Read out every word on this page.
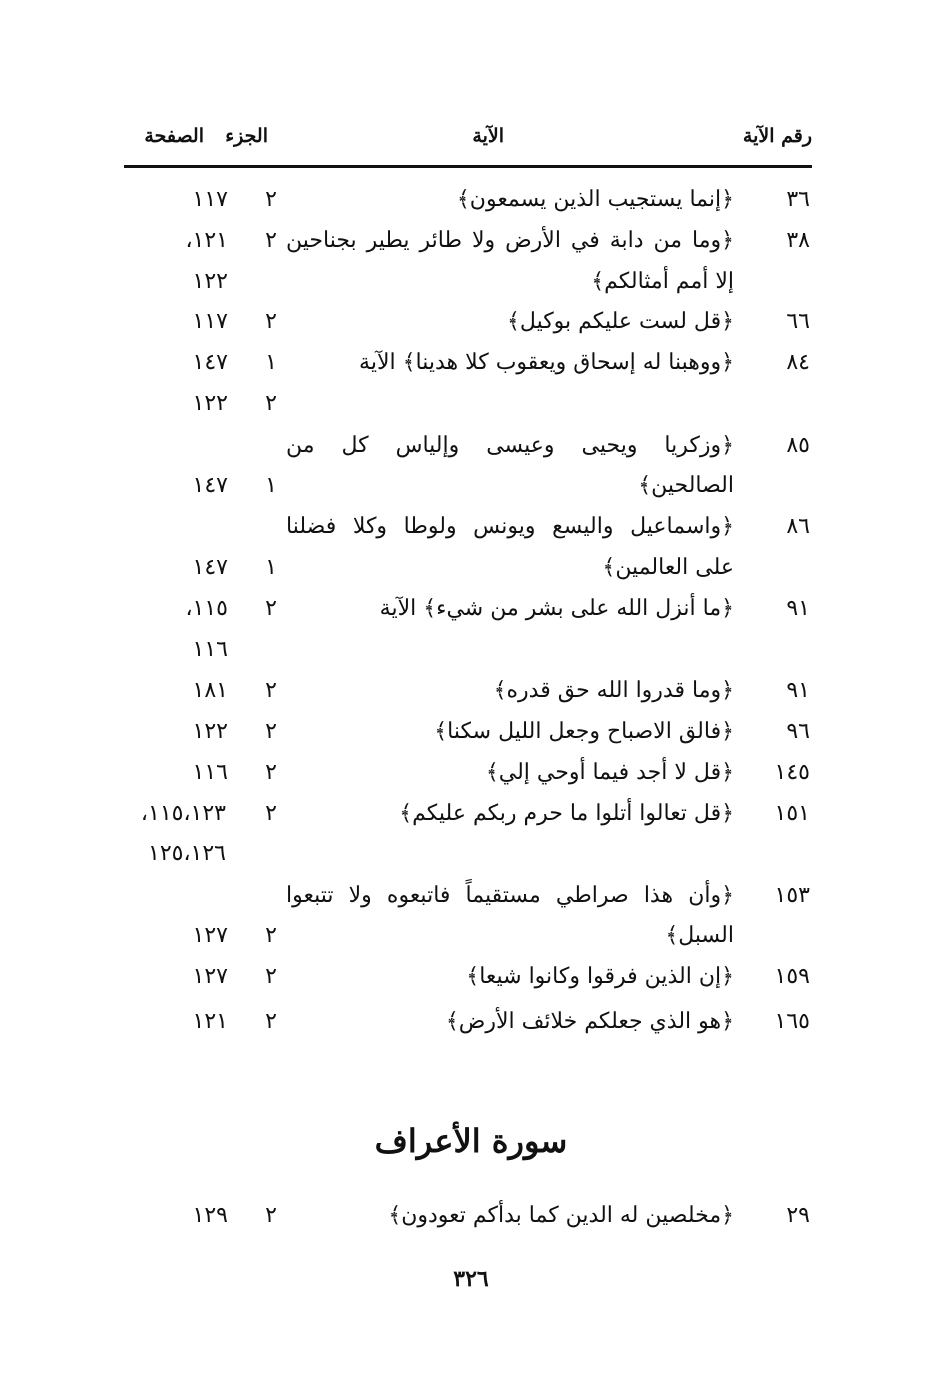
رقم الآية
الآية
الجزء
الصفحة
٣٦
﴿إنما يستجيب الذين يسمعون﴾
٢
١١٧
٣٨
﴿وما من دابة في الأرض ولا طائر يطير بجناحين
٢
١٢١،
إلا أمم أمثالكم﴾
١٢٢
٦٦
﴿قل لست عليكم بوكيل﴾
٢
١١٧
٨٤
﴿ووهبنا له إسحاق ويعقوب كلا هدينا﴾ الآية
١
١٤٧
٢
١٢٢
٨٥
﴿وزكريا ويحيى وعيسى وإلياس كل من
الصالحين﴾
١
١٤٧
٨٦
﴿واسماعيل واليسع ويونس ولوطا وكلا فضلنا
على العالمين﴾
١
١٤٧
٩١
﴿ما أنزل الله على بشر من شيء﴾ الآية
٢
١١٥،
١١٦
٩١
﴿وما قدروا الله حق قدره﴾
٢
١٨١
٩٦
﴿فالق الاصباح وجعل الليل سكنا﴾
٢
١٢٢
١٤٥
﴿قل لا أجد فيما أوحي إلي﴾
٢
١١٦
١٥١
﴿قل تعالوا أتلوا ما حرم ربكم عليكم﴾
٢
١١٥،١٢٣،
١٢٥،١٢٦
١٥٣
﴿وأن هذا صراطي مستقيماً فاتبعوه ولا تتبعوا
السبل﴾
٢
١٢٧
١٥٩
﴿إن الذين فرقوا وكانوا شيعا﴾
٢
١٢٧
١٦٥
﴿هو الذي جعلكم خلائف الأرض﴾
٢
١٢١
سورة الأعراف
٢٩
﴿مخلصين له الدين كما بدأكم تعودون﴾
٢
١٢٩
٣٢٦
